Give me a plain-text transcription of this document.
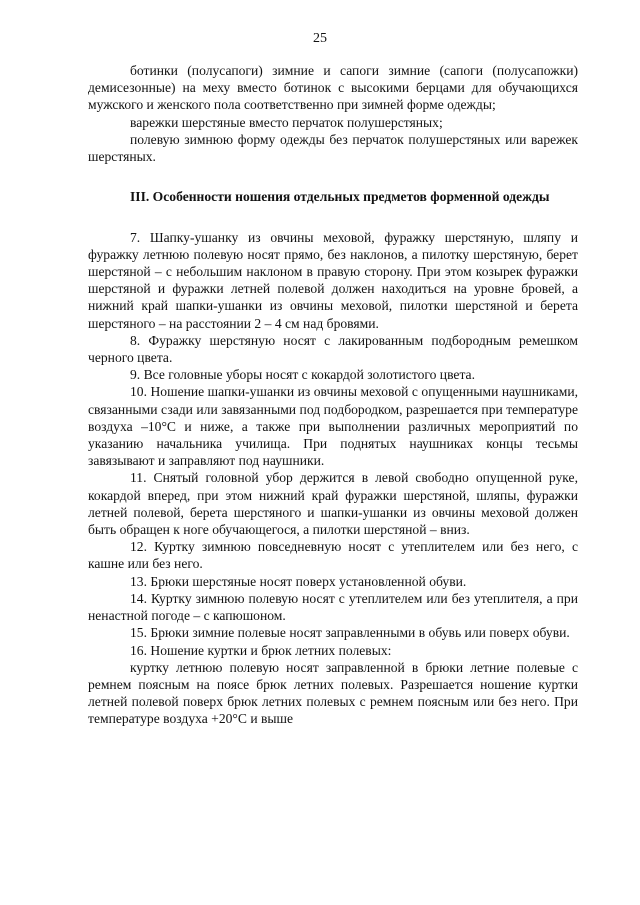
25

ботинки (полусапоги) зимние и сапоги зимние (сапоги (полусапожки) демисезонные) на меху вместо ботинок с высокими берцами для обучающихся мужского и женского пола соответственно при зимней форме одежды;

варежки шерстяные вместо перчаток полушерстяных;

полевую зимнюю форму одежды без перчаток полушерстяных или варежек шерстяных.

III. Особенности ношения отдельных предметов форменной одежды

7. Шапку-ушанку из овчины меховой, фуражку шерстяную, шляпу и фуражку летнюю полевую носят прямо, без наклонов, а пилотку шерстяную, берет шерстяной – с небольшим наклоном в правую сторону. При этом козырек фуражки шерстяной и фуражки летней полевой должен находиться на уровне бровей, а нижний край шапки-ушанки из овчины меховой, пилотки шерстяной и берета шерстяного – на расстоянии 2 – 4 см над бровями.

8. Фуражку шерстяную носят с лакированным подбородным ремешком черного цвета.

9. Все головные уборы носят с кокардой золотистого цвета.

10. Ношение шапки-ушанки из овчины меховой с опущенными наушниками, связанными сзади или завязанными под подбородком, разрешается при температуре воздуха –10°С и ниже, а также при выполнении различных мероприятий по указанию начальника училища. При поднятых наушниках концы тесьмы завязывают и заправляют под наушники.

11. Снятый головной убор держится в левой свободно опущенной руке, кокардой вперед, при этом нижний край фуражки шерстяной, шляпы, фуражки летней полевой, берета шерстяного и шапки-ушанки из овчины меховой должен быть обращен к ноге обучающегося, а пилотки шерстяной – вниз.

12. Куртку зимнюю повседневную носят с утеплителем или без него, с кашне или без него.

13. Брюки шерстяные носят поверх установленной обуви.

14. Куртку зимнюю полевую носят с утеплителем или без утеплителя, а при ненастной погоде – с капюшоном.

15. Брюки зимние полевые носят заправленными в обувь или поверх обуви.

16. Ношение куртки и брюк летних полевых:

куртку летнюю полевую носят заправленной в брюки летние полевые с ремнем поясным на поясе брюк летних полевых. Разрешается ношение куртки летней полевой поверх брюк летних полевых с ремнем поясным или без него. При температуре воздуха +20°С и выше
